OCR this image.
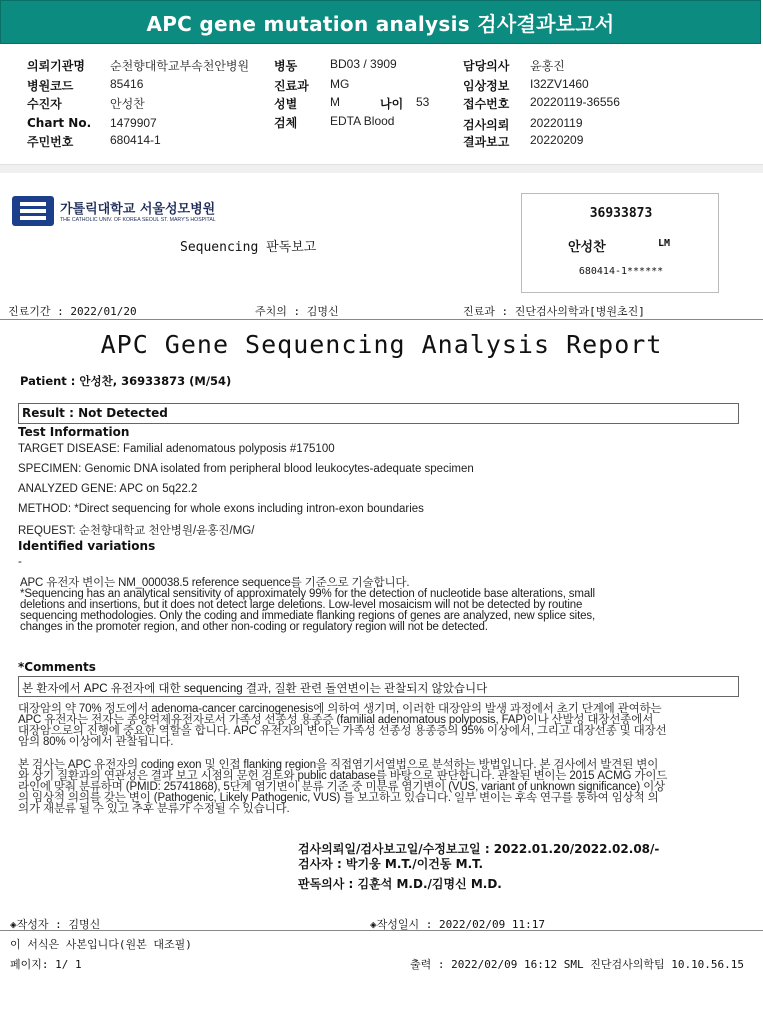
APC gene mutation analysis 검사결과보고서
의뢰기관명 순천향대학교부속천안병원
병원코드	85416
수진자	안성찬
Chart No. 1479907
주민번호	680414-1
병동	BD03 / 3909
진료과 MG
성별	M	나이 53
검체	EDTA Blood
담당의사 윤홍진
임상정보 I32ZV1460
접수번호 20220119-36556
검사의뢰 20220119
결과보고 20220209
가톨릭대학교 서울성모병원
THE CATHOLIC UNIV. OF KOREA SEOUL ST. MARY'S HOSPITAL
Sequencing 판독보고
36933873
안성찬	LM
680414-1******
진료기간 : 2022/01/20	주치의 : 김명신	진료과 : 진단검사의학과[병원초진]
APC Gene Sequencing Analysis Report
Patient : 안성찬, 36933873 (M/54)
Result : Not Detected
Test Information
TARGET DISEASE: Familial adenomatous polyposis #175100
SPECIMEN: Genomic DNA isolated from peripheral blood leukocytes-adequate specimen
ANALYZED GENE: APC on 5q22.2
METHOD: *Direct sequencing for whole exons including intron-exon boundaries
REQUEST: 순천향대학교 천안병원/윤홍진/MG/
Identified variations
-
APC 유전자 변이는 NM_000038.5 reference sequence를 기준으로 기술합니다.
*Sequencing has an analytical sensitivity of approximately 99% for the detection of nucleotide base alterations, small
deletions and insertions, but it does not detect large deletions. Low-level mosaicism will not be detected by routine
sequencing methodologies. Only the coding and immediate flanking regions of genes are analyzed, new splice sites,
changes in the promoter region, and other non-coding or regulatory region will not be detected.
*Comments
본 환자에서 APC 유전자에 대한 sequencing 결과, 질환 관련 돌연변이는 관찰되지 않았습니다
대장암의 약 70% 정도에서 adenoma-cancer carcinogenesis에 의하여 생기며, 이러한 대장암의 발생 과정에서 초기 단계에 관여하는
APC 유전자는 전자는 종양억제유전자로서 가족성 선종성 용종증 (familial adenomatous polyposis, FAP)이나 산발성 대장선종에서
대장암으로의 진행에 중요한 역할을 합니다. APC 유전자의 변이는 가족성 선종성 용종증의 95% 이상에서, 그리고 대장선종 및 대장선
암의 80% 이상에서 관찰됩니다.
본 검사는 APC 유전자의 coding exon 및 인접 flanking region을 직접염기서열법으로 분석하는 방법입니다. 본 검사에서 발견된 변이
와 상기 질환과의 연관성은 결과 보고 시점의 문헌 검토와 public database를 바탕으로 판단합니다. 관찰된 변이는 2015 ACMG 가이드
라인에 맞춰 분류하며 (PMID: 25741868), 5단계 염기변이 분류 기준 중 미분류 염기변이 (VUS, variant of unknown significance) 이상
의 임상적 의의를 갖는 변이 (Pathogenic, Likely Pathogenic, VUS) 를 보고하고 있습니다. 일부 변이는 후속 연구를 통하여 임상적 의
의가 재분류 될 수 있고 추후 분류가 수정될 수 있습니다.
검사의뢰일/검사보고일/수정보고일 : 2022.01.20/2022.02.08/-
검사자 : 박기웅 M.T./이건동 M.T.
판독의사 : 김훈석 M.D./김명신 M.D.
◈작성자 : 김명신	◈작성일시 : 2022/02/09 11:17
이 서식은 사본입니다(원본 대조필)
페이지: 1/ 1	출력 : 2022/02/09 16:12 SML 진단검사의학팀 10.10.56.15
